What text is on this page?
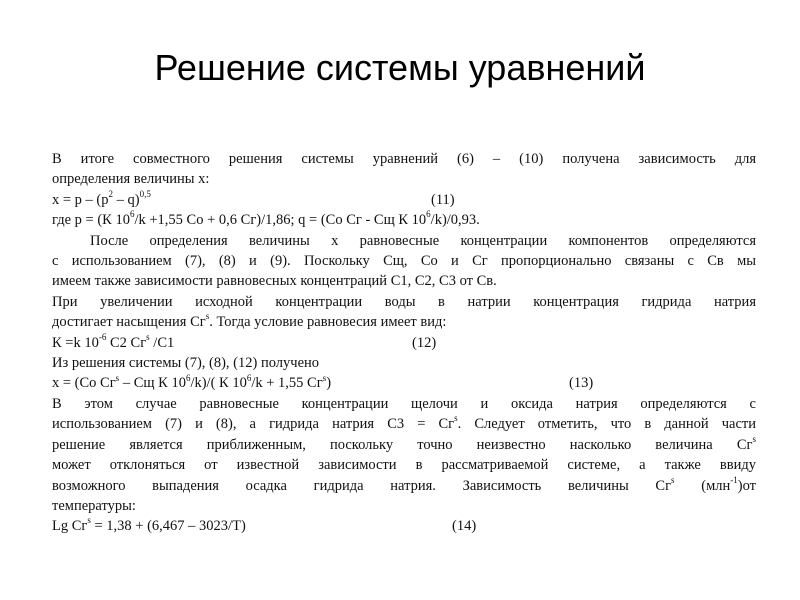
Решение системы уравнений

В итоге совместного решения системы уравнений (6) – (10) получена зависимость для

определения величины х:

$х = р - (р^2 - q)^{0,5}$	(11)

где р = (К $10^6/k +1,55$ Со + 0,6 Сг)/1,86; q = (Со Сг - Сщ К $10^6/k)/0,93$.

После определения величины х равновесные концентрации компонентов определяются

с использованием (7), (8) и (9). Поскольку Сщ, Со и Сг пропорционально связаны с Св мы

имеем также зависимости равновесных концентраций С1, С2, С3 от Св.

При увеличении исходной концентрации воды в натрии концентрация гидрида натрия

достигает насыщения $Сг^s$. Тогда условие равновесия имеет вид:

К =k $10^{-6}$ С2 $Сг^s$ /С1	(12)

Из решения системы (7), (8), (12) получено

х = (Со $Сг^s$ – Сщ К $10^6/k)/$( К $10^6/k + 1,55$ $Сг^s$)	(13)

В этом случае равновесные концентрации щелочи и оксида натрия определяются с

использованием (7) и (8), а гидрида натрия $С3 = Сг^s$. Следует отметить, что в данной части

решение является приближенным, поскольку точно неизвестно насколько величина $Сг^s$

может отклоняться от известной зависимости в рассматриваемой системе, а также ввиду

возможного выпадения осадка гидрида натрия. Зависимость величины $Сг^s$ (млн$^{-1}$)от

температуры:

Lg $Сг^s = 1,38 + (6,467 - 3023/Т)$	(14)
